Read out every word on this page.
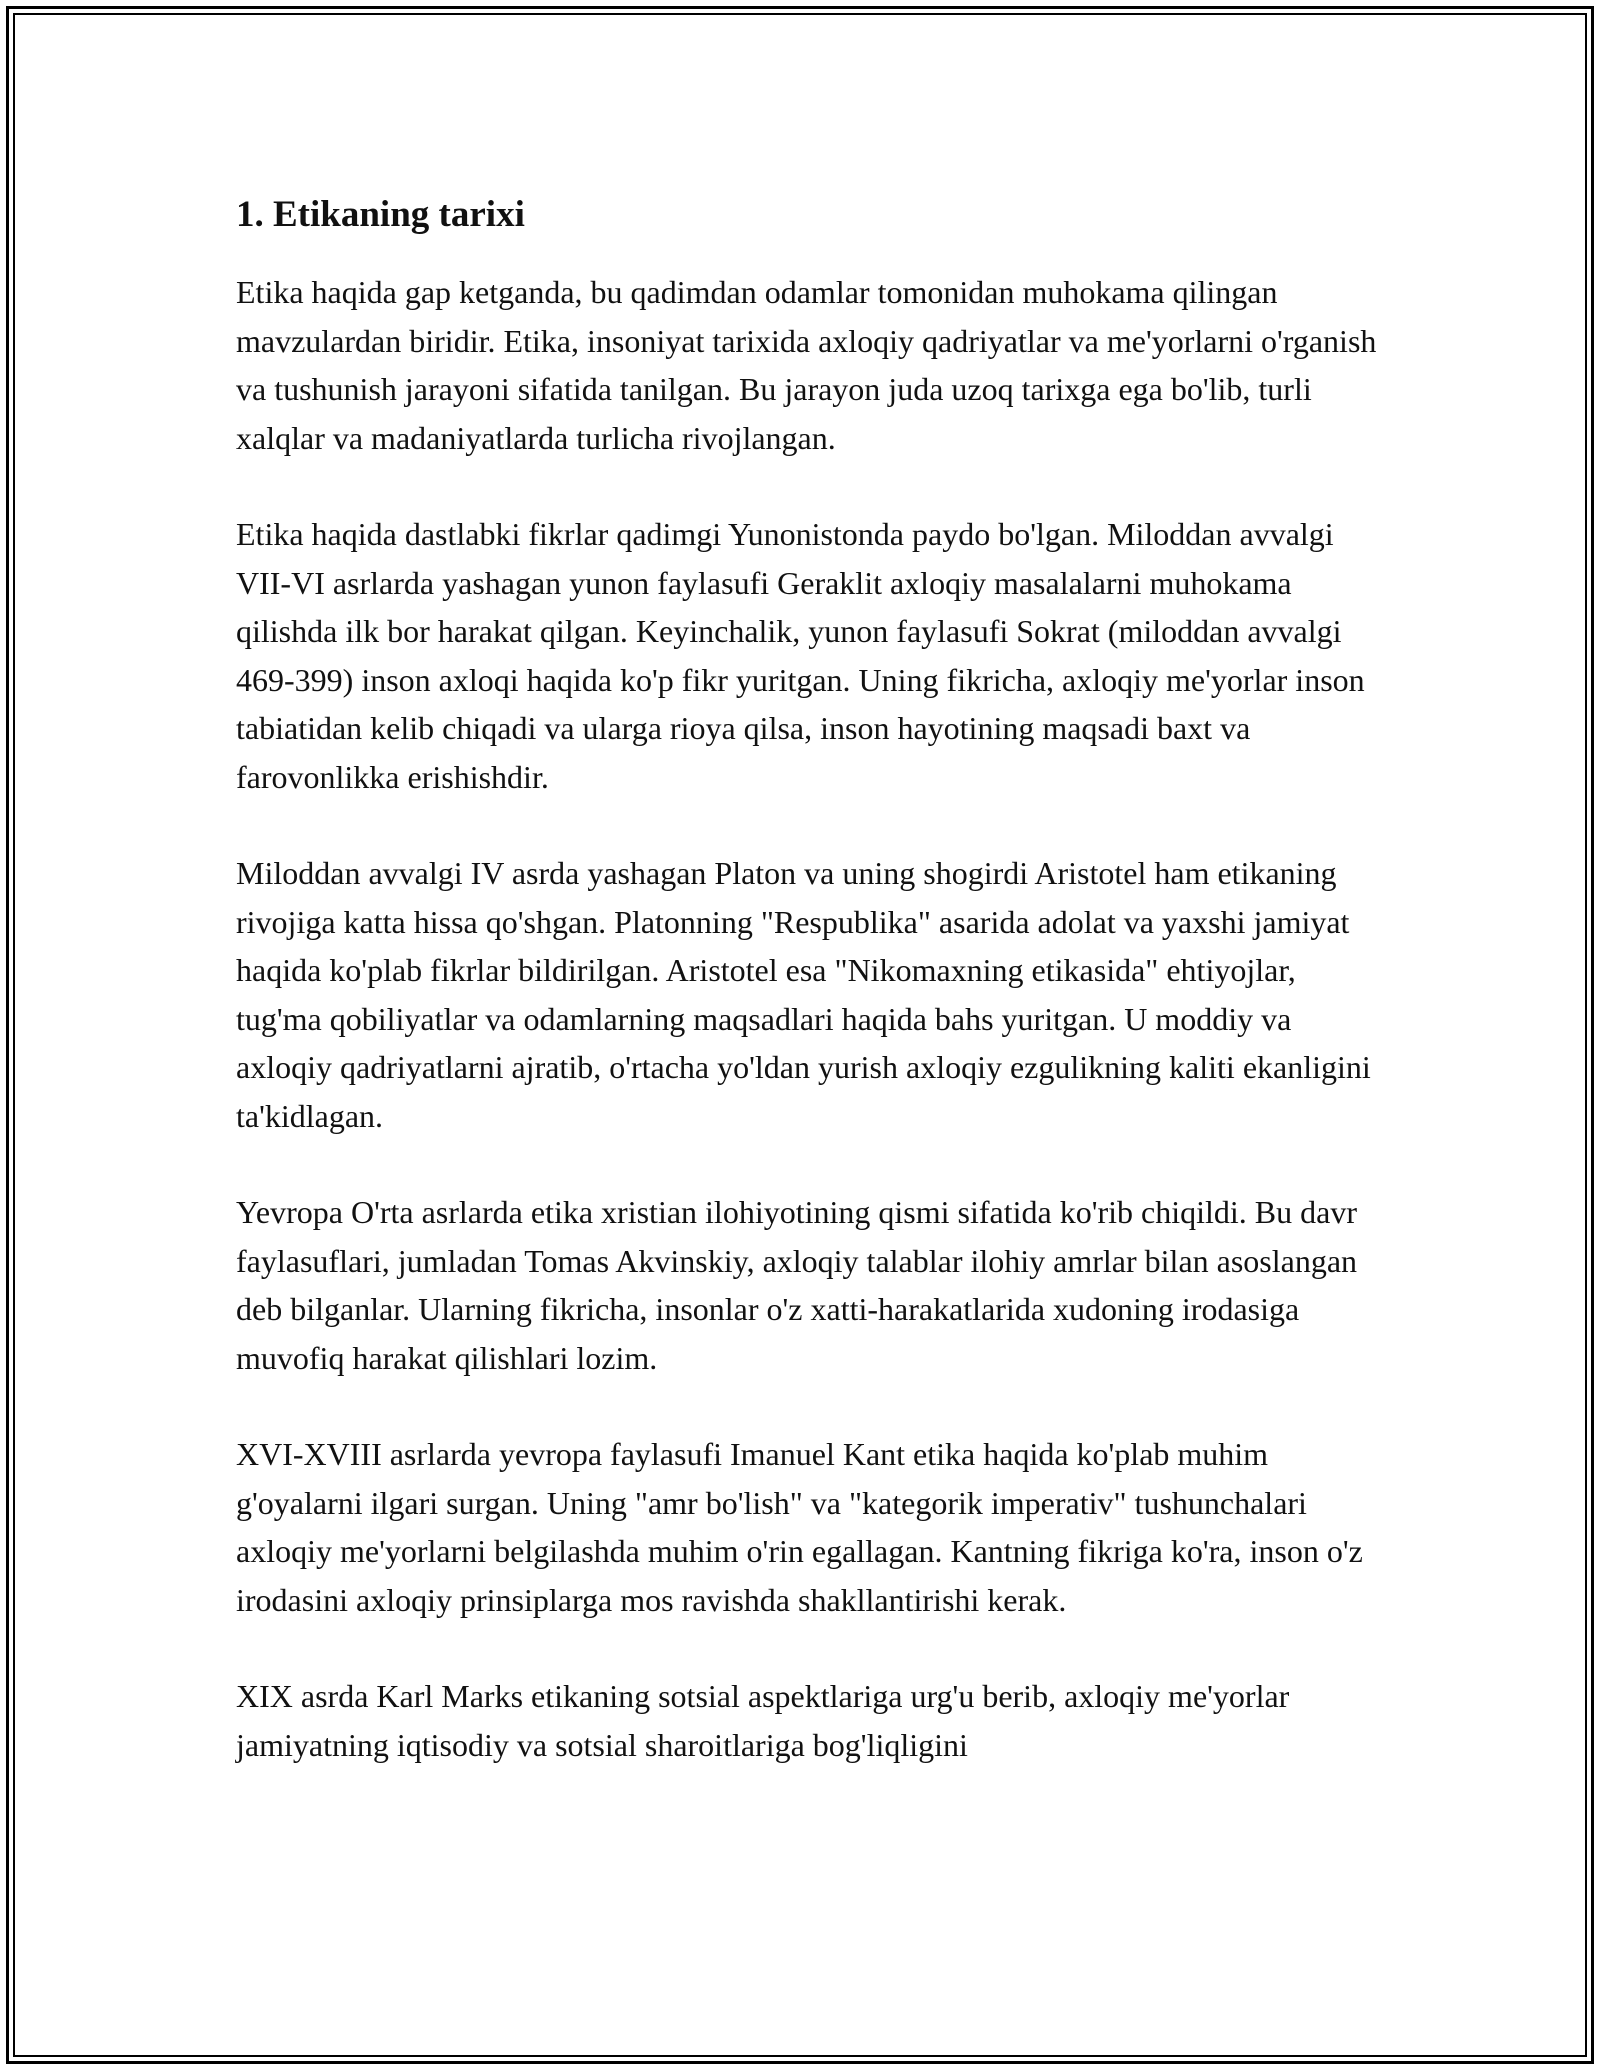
1. Etikaning tarixi

Etika haqida gap ketganda, bu qadimdan odamlar tomonidan muhokama qilingan mavzulardan biridir. Etika, insoniyat tarixida axloqiy qadriyatlar va me'yorlarni o'rganish va tushunish jarayoni sifatida tanilgan. Bu jarayon juda uzoq tarixga ega bo'lib, turli xalqlar va madaniyatlarda turlicha rivojlangan.

Etika haqida dastlabki fikrlar qadimgi Yunonistonda paydo bo'lgan. Miloddan avvalgi VII-VI asrlarda yashagan yunon faylasufi Geraklit axloqiy masalalarni muhokama qilishda ilk bor harakat qilgan. Keyinchalik, yunon faylasufi Sokrat (miloddan avvalgi 469-399) inson axloqi haqida ko'p fikr yuritgan. Uning fikricha, axloqiy me'yorlar inson tabiatidan kelib chiqadi va ularga rioya qilsa, inson hayotining maqsadi baxt va farovonlikka erishishdir.

Miloddan avvalgi IV asrda yashagan Platon va uning shogirdi Aristotel ham etikaning rivojiga katta hissa qo'shgan. Platonning "Respublika" asarida adolat va yaxshi jamiyat haqida ko'plab fikrlar bildirilgan. Aristotel esa "Nikomaxning etikasida" ehtiyojlar, tug'ma qobiliyatlar va odamlarning maqsadlari haqida bahs yuritgan. U moddiy va axloqiy qadriyatlarni ajratib, o'rtacha yo'ldan yurish axloqiy ezgulikning kaliti ekanligini ta'kidlagan.

Yevropa O'rta asrlarda etika xristian ilohiyotining qismi sifatida ko'rib chiqildi. Bu davr faylasuflari, jumladan Tomas Akvinskiy, axloqiy talablar ilohiy amrlar bilan asoslangan deb bilganlar. Ularning fikricha, insonlar o'z xatti-harakatlarida xudoning irodasiga muvofiq harakat qilishlari lozim.

XVI-XVIII asrlarda yevropa faylasufi Imanuel Kant etika haqida ko'plab muhim g'oyalarni ilgari surgan. Uning "amr bo'lish" va "kategorik imperativ" tushunchalari axloqiy me'yorlarni belgilashda muhim o'rin egallagan. Kantning fikriga ko'ra, inson o'z irodasini axloqiy prinsiplarga mos ravishda shakllantirishi kerak.

XIX asrda Karl Marks etikaning sotsial aspektlariga urg'u berib, axloqiy me'yorlar jamiyatning iqtisodiy va sotsial sharoitlariga bog'liqligini
